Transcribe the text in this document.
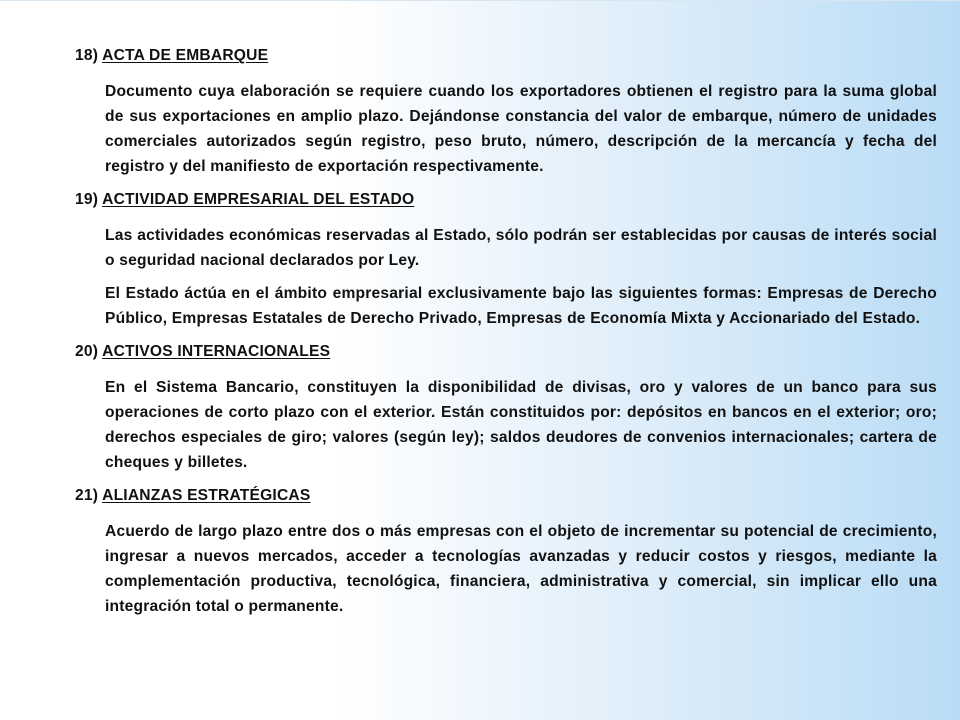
18) ACTA DE EMBARQUE

Documento cuya elaboración se requiere cuando los exportadores obtienen el registro para la suma global de sus exportaciones en amplio plazo. Dejándonse constancia del valor de embarque, número de unidades comerciales autorizados según registro, peso bruto, número, descripción de la mercancía y fecha del registro y del manifiesto de exportación respectivamente.

19) ACTIVIDAD EMPRESARIAL DEL ESTADO

Las actividades económicas reservadas al Estado, sólo podrán ser establecidas por causas de interés social o seguridad nacional declarados por Ley.

El Estado áctúa en el ámbito empresarial exclusivamente bajo las siguientes formas: Empresas de Derecho Público, Empresas Estatales de Derecho Privado, Empresas de Economía Mixta y Accionariado del Estado.

20) ACTIVOS INTERNACIONALES

En el Sistema Bancario, constituyen la disponibilidad de divisas, oro y valores de un banco para sus operaciones de corto plazo con el exterior. Están constituidos por: depósitos en bancos en el exterior; oro; derechos especiales de giro; valores (según ley); saldos deudores de convenios internacionales; cartera de cheques y billetes.

21) ALIANZAS ESTRATÉGICAS

Acuerdo de largo plazo entre dos o más empresas con el objeto de incrementar su potencial de crecimiento, ingresar a nuevos mercados, acceder a tecnologías avanzadas y reducir costos y riesgos, mediante la complementación productiva, tecnológica, financiera, administrativa y comercial, sin implicar ello una integración total o permanente.
